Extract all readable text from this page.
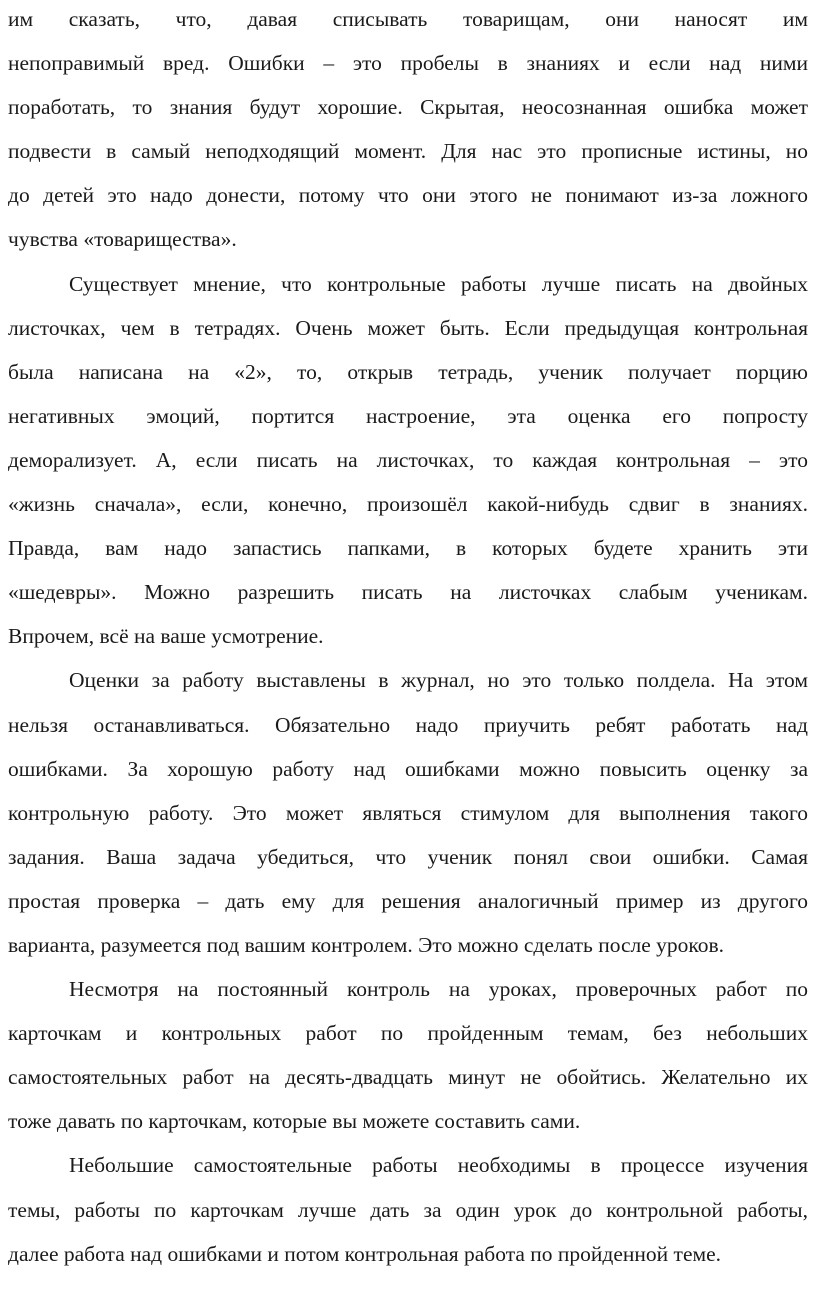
им сказать, что, давая списывать товарищам, они наносят им
непоправимый вред. Ошибки – это пробелы в знаниях и если над ними
поработать, то знания будут хорошие. Скрытая, неосознанная ошибка может
подвести в самый неподходящий момент. Для нас это прописные истины, но
до детей это надо донести, потому что они этого не понимают из-за ложного
чувства «товарищества».
Существует мнение, что контрольные работы лучше писать на двойных
листочках, чем в тетрадях. Очень может быть. Если предыдущая контрольная
была написана на «2», то, открыв тетрадь, ученик получает порцию
негативных эмоций, портится настроение, эта оценка его попросту
деморализует. А, если писать на листочках, то каждая контрольная – это
«жизнь сначала», если, конечно, произошёл какой-нибудь сдвиг в знаниях.
Правда, вам надо запастись папками, в которых будете хранить эти
«шедевры». Можно разрешить писать на листочках слабым ученикам.
Впрочем, всё на ваше усмотрение.
Оценки за работу выставлены в журнал, но это только полдела. На этом
нельзя останавливаться. Обязательно надо приучить ребят работать над
ошибками. За хорошую работу над ошибками можно повысить оценку за
контрольную работу. Это может являться стимулом для выполнения такого
задания. Ваша задача убедиться, что ученик понял свои ошибки. Самая
простая проверка – дать ему для решения аналогичный пример из другого
варианта, разумеется под вашим контролем. Это можно сделать после уроков.
Несмотря на постоянный контроль на уроках, проверочных работ по
карточкам и контрольных работ по пройденным темам, без небольших
самостоятельных работ на десять-двадцать минут не обойтись. Желательно их
тоже давать по карточкам, которые вы можете составить сами.
Небольшие самостоятельные работы необходимы в процессе изучения
темы, работы по карточкам лучше дать за один урок до контрольной работы,
далее работа над ошибками и потом контрольная работа по пройденной теме.
